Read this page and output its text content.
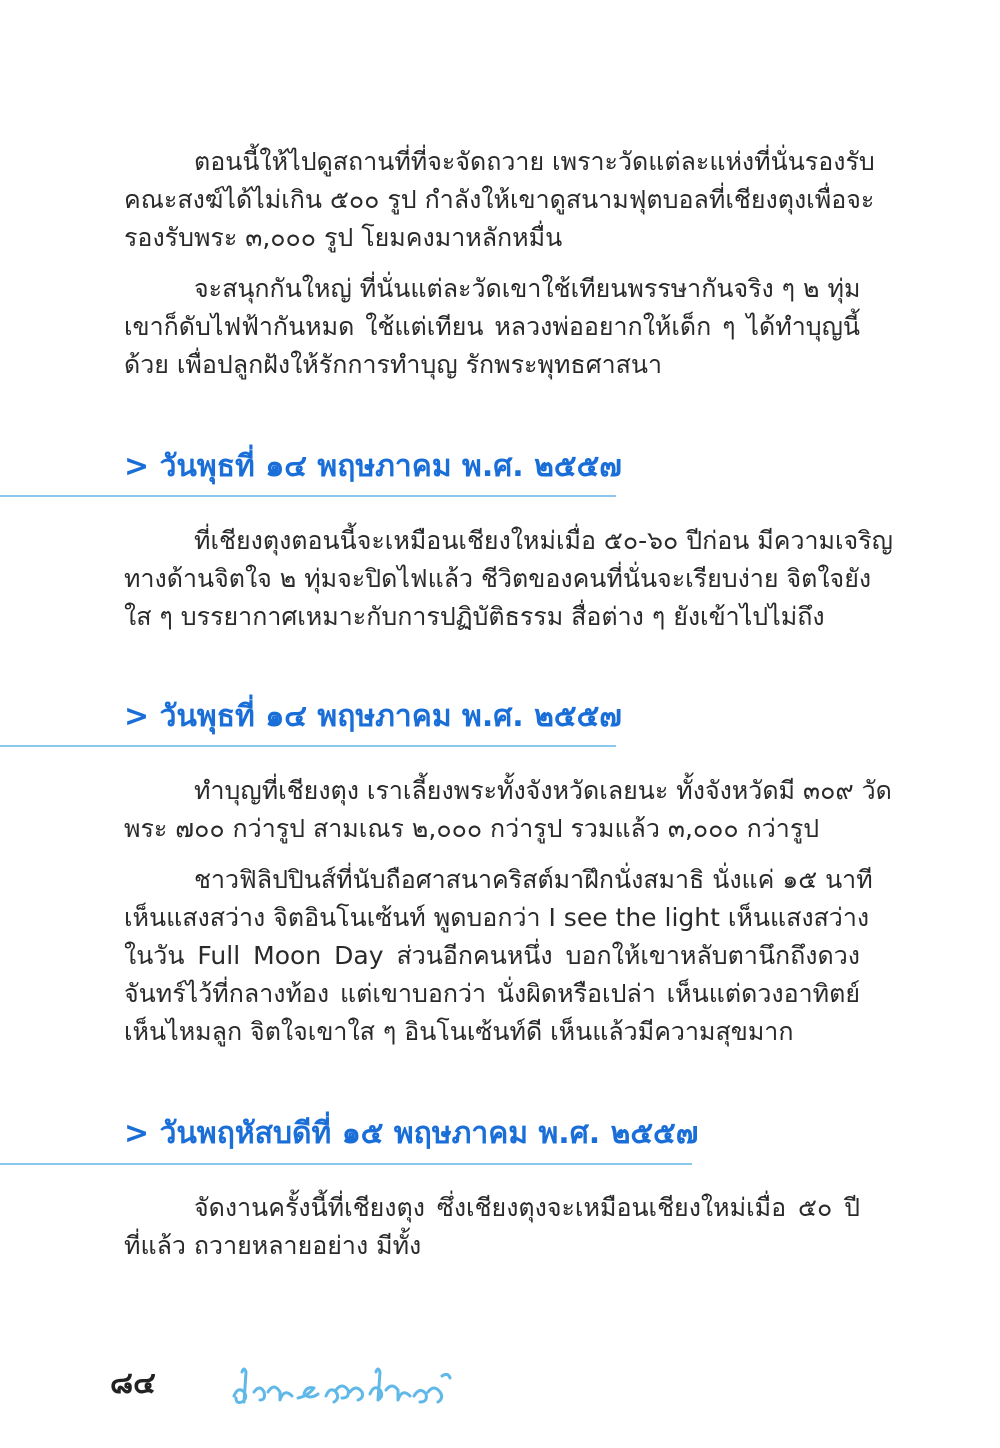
ตอนนี้ให้ไปดูสถานที่ที่จะจัดถวาย เพราะวัดแต่ละแห่งที่นั่นรองรับ
คณะสงฆ์ได้ไม่เกิน ๕๐๐ รูป กำลังให้เขาดูสนามฟุตบอลที่เชียงตุงเพื่อจะ
รองรับพระ ๓,๐๐๐ รูป โยมคงมาหลักหมื่น

จะสนุกกันใหญ่ ที่นั่นแต่ละวัดเขาใช้เทียนพรรษากันจริง ๆ ๒ ทุ่ม
เขาก็ดับไฟฟ้ากันหมด ใช้แต่เทียน หลวงพ่ออยากให้เด็ก ๆ ได้ทำบุญนี้
ด้วย เพื่อปลูกฝังให้รักการทำบุญ รักพระพุทธศาสนา

> วันพุธที่ ๑๔ พฤษภาคม พ.ศ. ๒๕๕๗

ที่เชียงตุงตอนนี้จะเหมือนเชียงใหม่เมื่อ ๕๐-๖๐ ปีก่อน มีความเจริญ
ทางด้านจิตใจ ๒ ทุ่มจะปิดไฟแล้ว ชีวิตของคนที่นั่นจะเรียบง่าย จิตใจยัง
ใส ๆ บรรยากาศเหมาะกับการปฏิบัติธรรม สื่อต่าง ๆ ยังเข้าไปไม่ถึง

> วันพุธที่ ๑๔ พฤษภาคม พ.ศ. ๒๕๕๗

ทำบุญที่เชียงตุง เราเลี้ยงพระทั้งจังหวัดเลยนะ ทั้งจังหวัดมี ๓๐๙ วัด
พระ ๗๐๐ กว่ารูป สามเณร ๒,๐๐๐ กว่ารูป รวมแล้ว ๓,๐๐๐ กว่ารูป

ชาวฟิลิปปินส์ที่นับถือศาสนาคริสต์มาฝึกนั่งสมาธิ นั่งแค่ ๑๕ นาที
เห็นแสงสว่าง จิตอินโนเซ้นท์ พูดบอกว่า I see the light เห็นแสงสว่าง
ในวัน Full Moon Day ส่วนอีกคนหนึ่ง บอกให้เขาหลับตานึกถึงดวง
จันทร์ไว้ที่กลางท้อง แต่เขาบอกว่า นั่งผิดหรือเปล่า เห็นแต่ดวงอาทิตย์
เห็นไหมลูก จิตใจเขาใส ๆ อินโนเซ้นท์ดี เห็นแล้วมีความสุขมาก

> วันพฤหัสบดีที่ ๑๕ พฤษภาคม พ.ศ. ๒๕๕๗

จัดงานครั้งนี้ที่เชียงตุง ซึ่งเชียงตุงจะเหมือนเชียงใหม่เมื่อ ๕๐ ปี
ที่แล้ว ถวายหลายอย่าง มีทั้ง

๘๔
